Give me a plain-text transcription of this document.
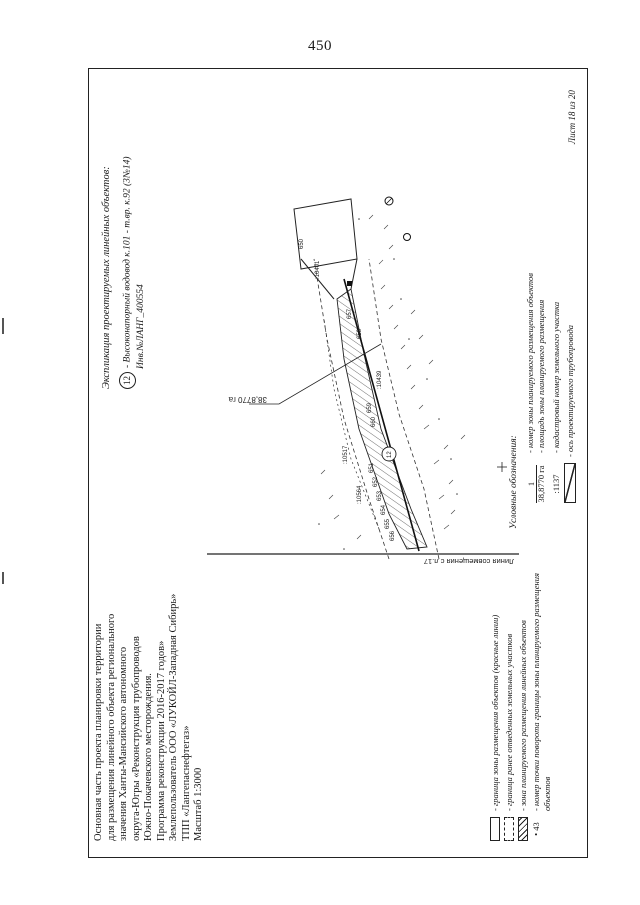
450
Основная часть проекта планировки территории для размещения линейного объекта регионального значения Ханты-Мансийского автономного округа-Югры «Реконструкция трубопроводов Южно-Покачевского месторождения. Программа реконструкции 2016-2017 годов» Землепользователь ООО «ЛУКОЙЛ-Западная Сибирь» ТПП «Лангепаснефтегаз» Масштаб 1:3000
Экспликация проектируемых линейных объектов:	12- Высоконапорный водовод к.101 - т.вр. к.92 (3№14) Инв.№ЛАНГ_400554
Линия совмещения с л.17
38,8770 га
12
:10401
:10564
:10517
:10439
656
655
654
653
652
651
660
659
658
657
650
Условные обозначения:
- граница зоны размещения объектов (красные линии) - граница ранее отведенных земельных участков - зона планируемого размещения линейных объектов
• 43
- номер точки поворота границы зоны планируемого размещения объектов
1 38,8770 га
- номер зоны планируемого размещения объектов
- площадь зоны планируемого размещения
:1137
- кадастровый номер земельного участка - ось проектируемого трубопровода
Лист 18 из 20
